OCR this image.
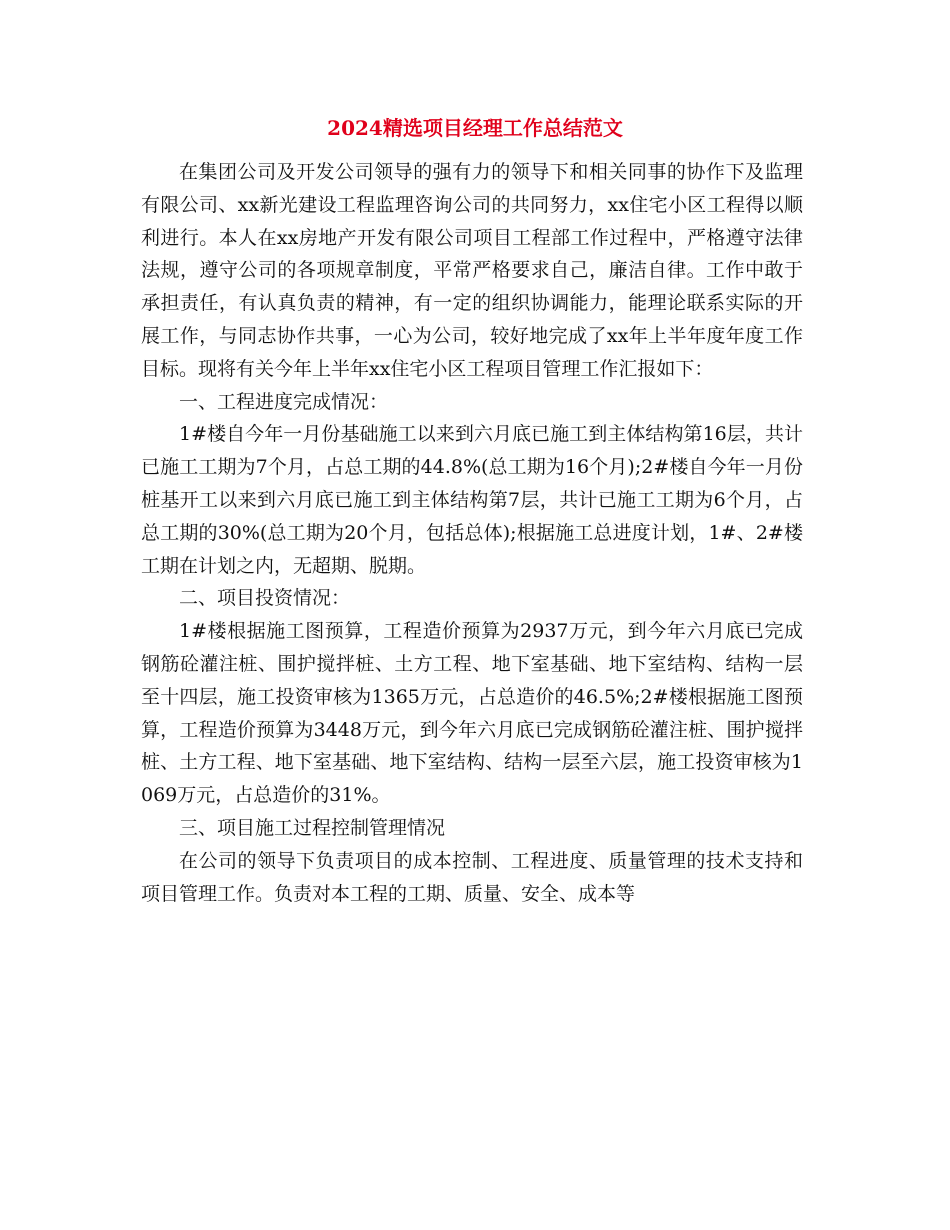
2024精选项目经理工作总结范文

在集团公司及开发公司领导的强有力的领导下和相关同事的协作下及监理有限公司、xx新光建设工程监理咨询公司的共同努力，xx住宅小区工程得以顺利进行。本人在xx房地产开发有限公司项目工程部工作过程中，严格遵守法律法规，遵守公司的各项规章制度，平常严格要求自己，廉洁自律。工作中敢于承担责任，有认真负责的精神，有一定的组织协调能力，能理论联系实际的开展工作，与同志协作共事，一心为公司，较好地完成了xx年上半年度年度工作目标。现将有关今年上半年xx住宅小区工程项目管理工作汇报如下：

一、工程进度完成情况：

1#楼自今年一月份基础施工以来到六月底已施工到主体结构第16层，共计已施工工期为7个月，占总工期的44.8%(总工期为16个月);2#楼自今年一月份桩基开工以来到六月底已施工到主体结构第7层，共计已施工工期为6个月，占总工期的30%(总工期为20个月，包括总体);根据施工总进度计划，1#、2#楼工期在计划之内，无超期、脱期。

二、项目投资情况：

1#楼根据施工图预算，工程造价预算为2937万元，到今年六月底已完成钢筋砼灌注桩、围护搅拌桩、土方工程、地下室基础、地下室结构、结构一层至十四层，施工投资审核为1365万元，占总造价的46.5%;2#楼根据施工图预算，工程造价预算为3448万元，到今年六月底已完成钢筋砼灌注桩、围护搅拌桩、土方工程、地下室基础、地下室结构、结构一层至六层，施工投资审核为1069万元，占总造价的31%。

三、项目施工过程控制管理情况

在公司的领导下负责项目的成本控制、工程进度、质量管理的技术支持和项目管理工作。负责对本工程的工期、质量、安全、成本等
